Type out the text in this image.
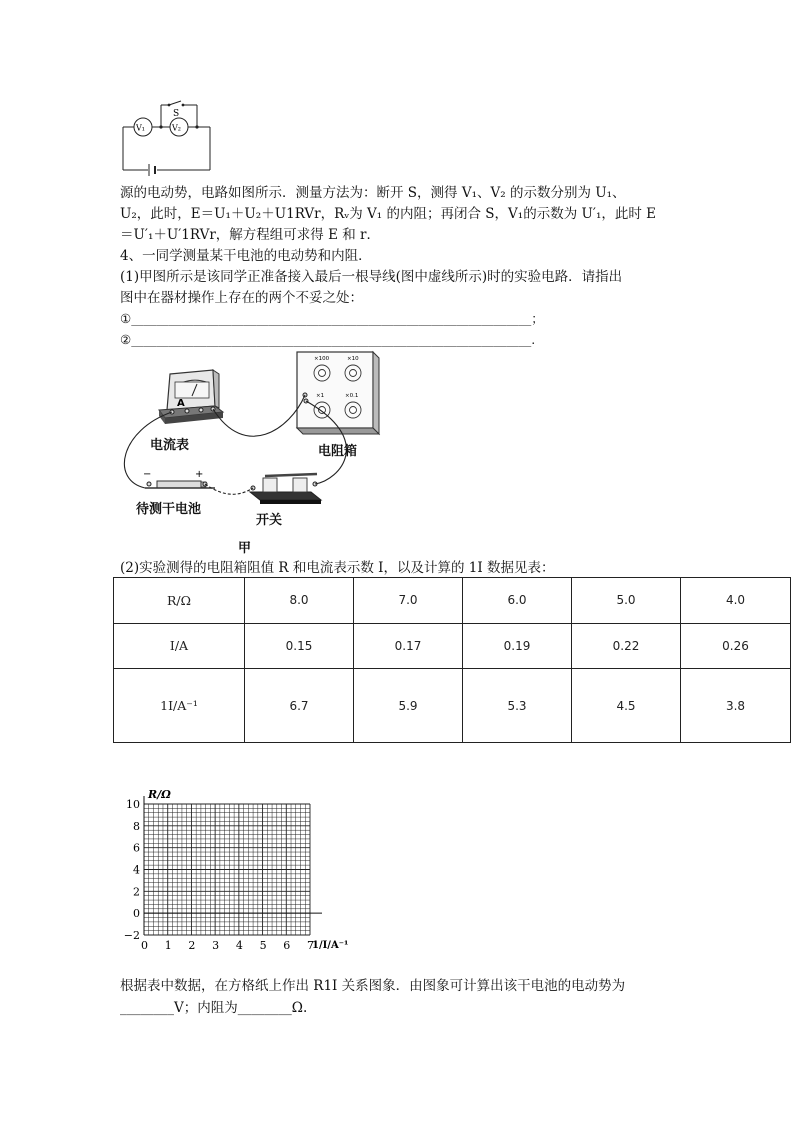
S
V₁	V₂
源的电动势，电路如图所示．测量方法为：断开 S，测得 V₁、V₂ 的示数分别为 U₁、
U₂，此时，E＝U₁＋U₂＋U1RVr，Rᵥ为 V₁ 的内阻；再闭合 S，V₁的示数为 U′₁，此时 E
＝U′₁＋U′1RVr，解方程组可求得 E 和 r．
4、一同学测量某干电池的电动势和内阻．
(1)甲图所示是该同学正准备接入最后一根导线(图中虚线所示)时的实验电路．请指出
图中在器材操作上存在的两个不妥之处：
①________________________________________________________________；
②________________________________________________________________.
A
×100	×10
×1	×0.1
−	+
电流表	电阻箱
待测干电池
开关
甲
(2)实验测得的电阻箱阻值 R 和电流表示数 I，以及计算的 1I 数据见表：
R/Ω	8.0	7.0	6.0	5.0	4.0
I/A	0.15	0.17	0.19	0.22	0.26
1I/A⁻¹	6.7	5.9	5.3	4.5	3.8
0 1 2 3 4 5 6 7
10
8
6
4
2
0
−2
R/Ω
1/I/A⁻¹
根据表中数据，在方格纸上作出 R1I 关系图象．由图象可计算出该干电池的电动势为
________V；内阻为________Ω.
